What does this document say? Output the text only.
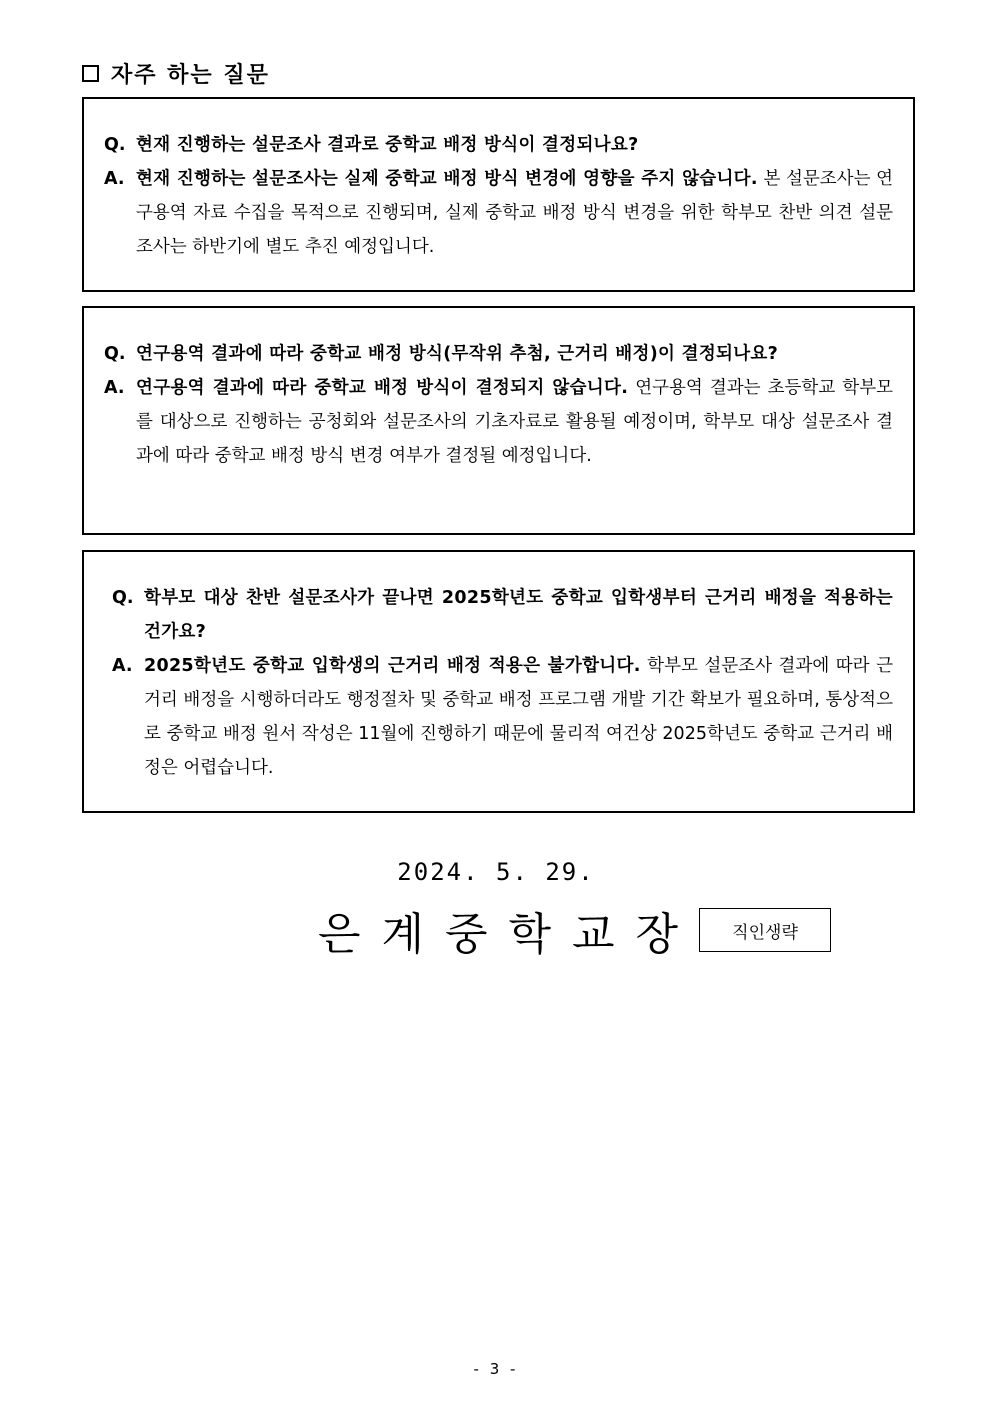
자주 하는 질문
Q. 현재 진행하는 설문조사 결과로 중학교 배정 방식이 결정되나요?
A. 현재 진행하는 설문조사는 실제 중학교 배정 방식 변경에 영향을 주지 않습니다. 본 설문조사는 연구용역 자료 수집을 목적으로 진행되며, 실제 중학교 배정 방식 변경을 위한 학부모 찬반 의견 설문조사는 하반기에 별도 추진 예정입니다.
Q. 연구용역 결과에 따라 중학교 배정 방식(무작위 추첨, 근거리 배정)이 결정되나요?
A. 연구용역 결과에 따라 중학교 배정 방식이 결정되지 않습니다. 연구용역 결과는 초등학교 학부모를 대상으로 진행하는 공청회와 설문조사의 기초자료로 활용될 예정이며, 학부모 대상 설문조사 결과에 따라 중학교 배정 방식 변경 여부가 결정될 예정입니다.
Q. 학부모 대상 찬반 설문조사가 끝나면 2025학년도 중학교 입학생부터 근거리 배정을 적용하는 건가요?
A. 2025학년도 중학교 입학생의 근거리 배정 적용은 불가합니다. 학부모 설문조사 결과에 따라 근거리 배정을 시행하더라도 행정절차 및 중학교 배정 프로그램 개발 기간 확보가 필요하며, 통상적으로 중학교 배정 원서 작성은 11월에 진행하기 때문에 물리적 여건상 2025학년도 중학교 근거리 배정은 어렵습니다.
2024. 5. 29.
은계중학교장	직인생략
- 3 -
